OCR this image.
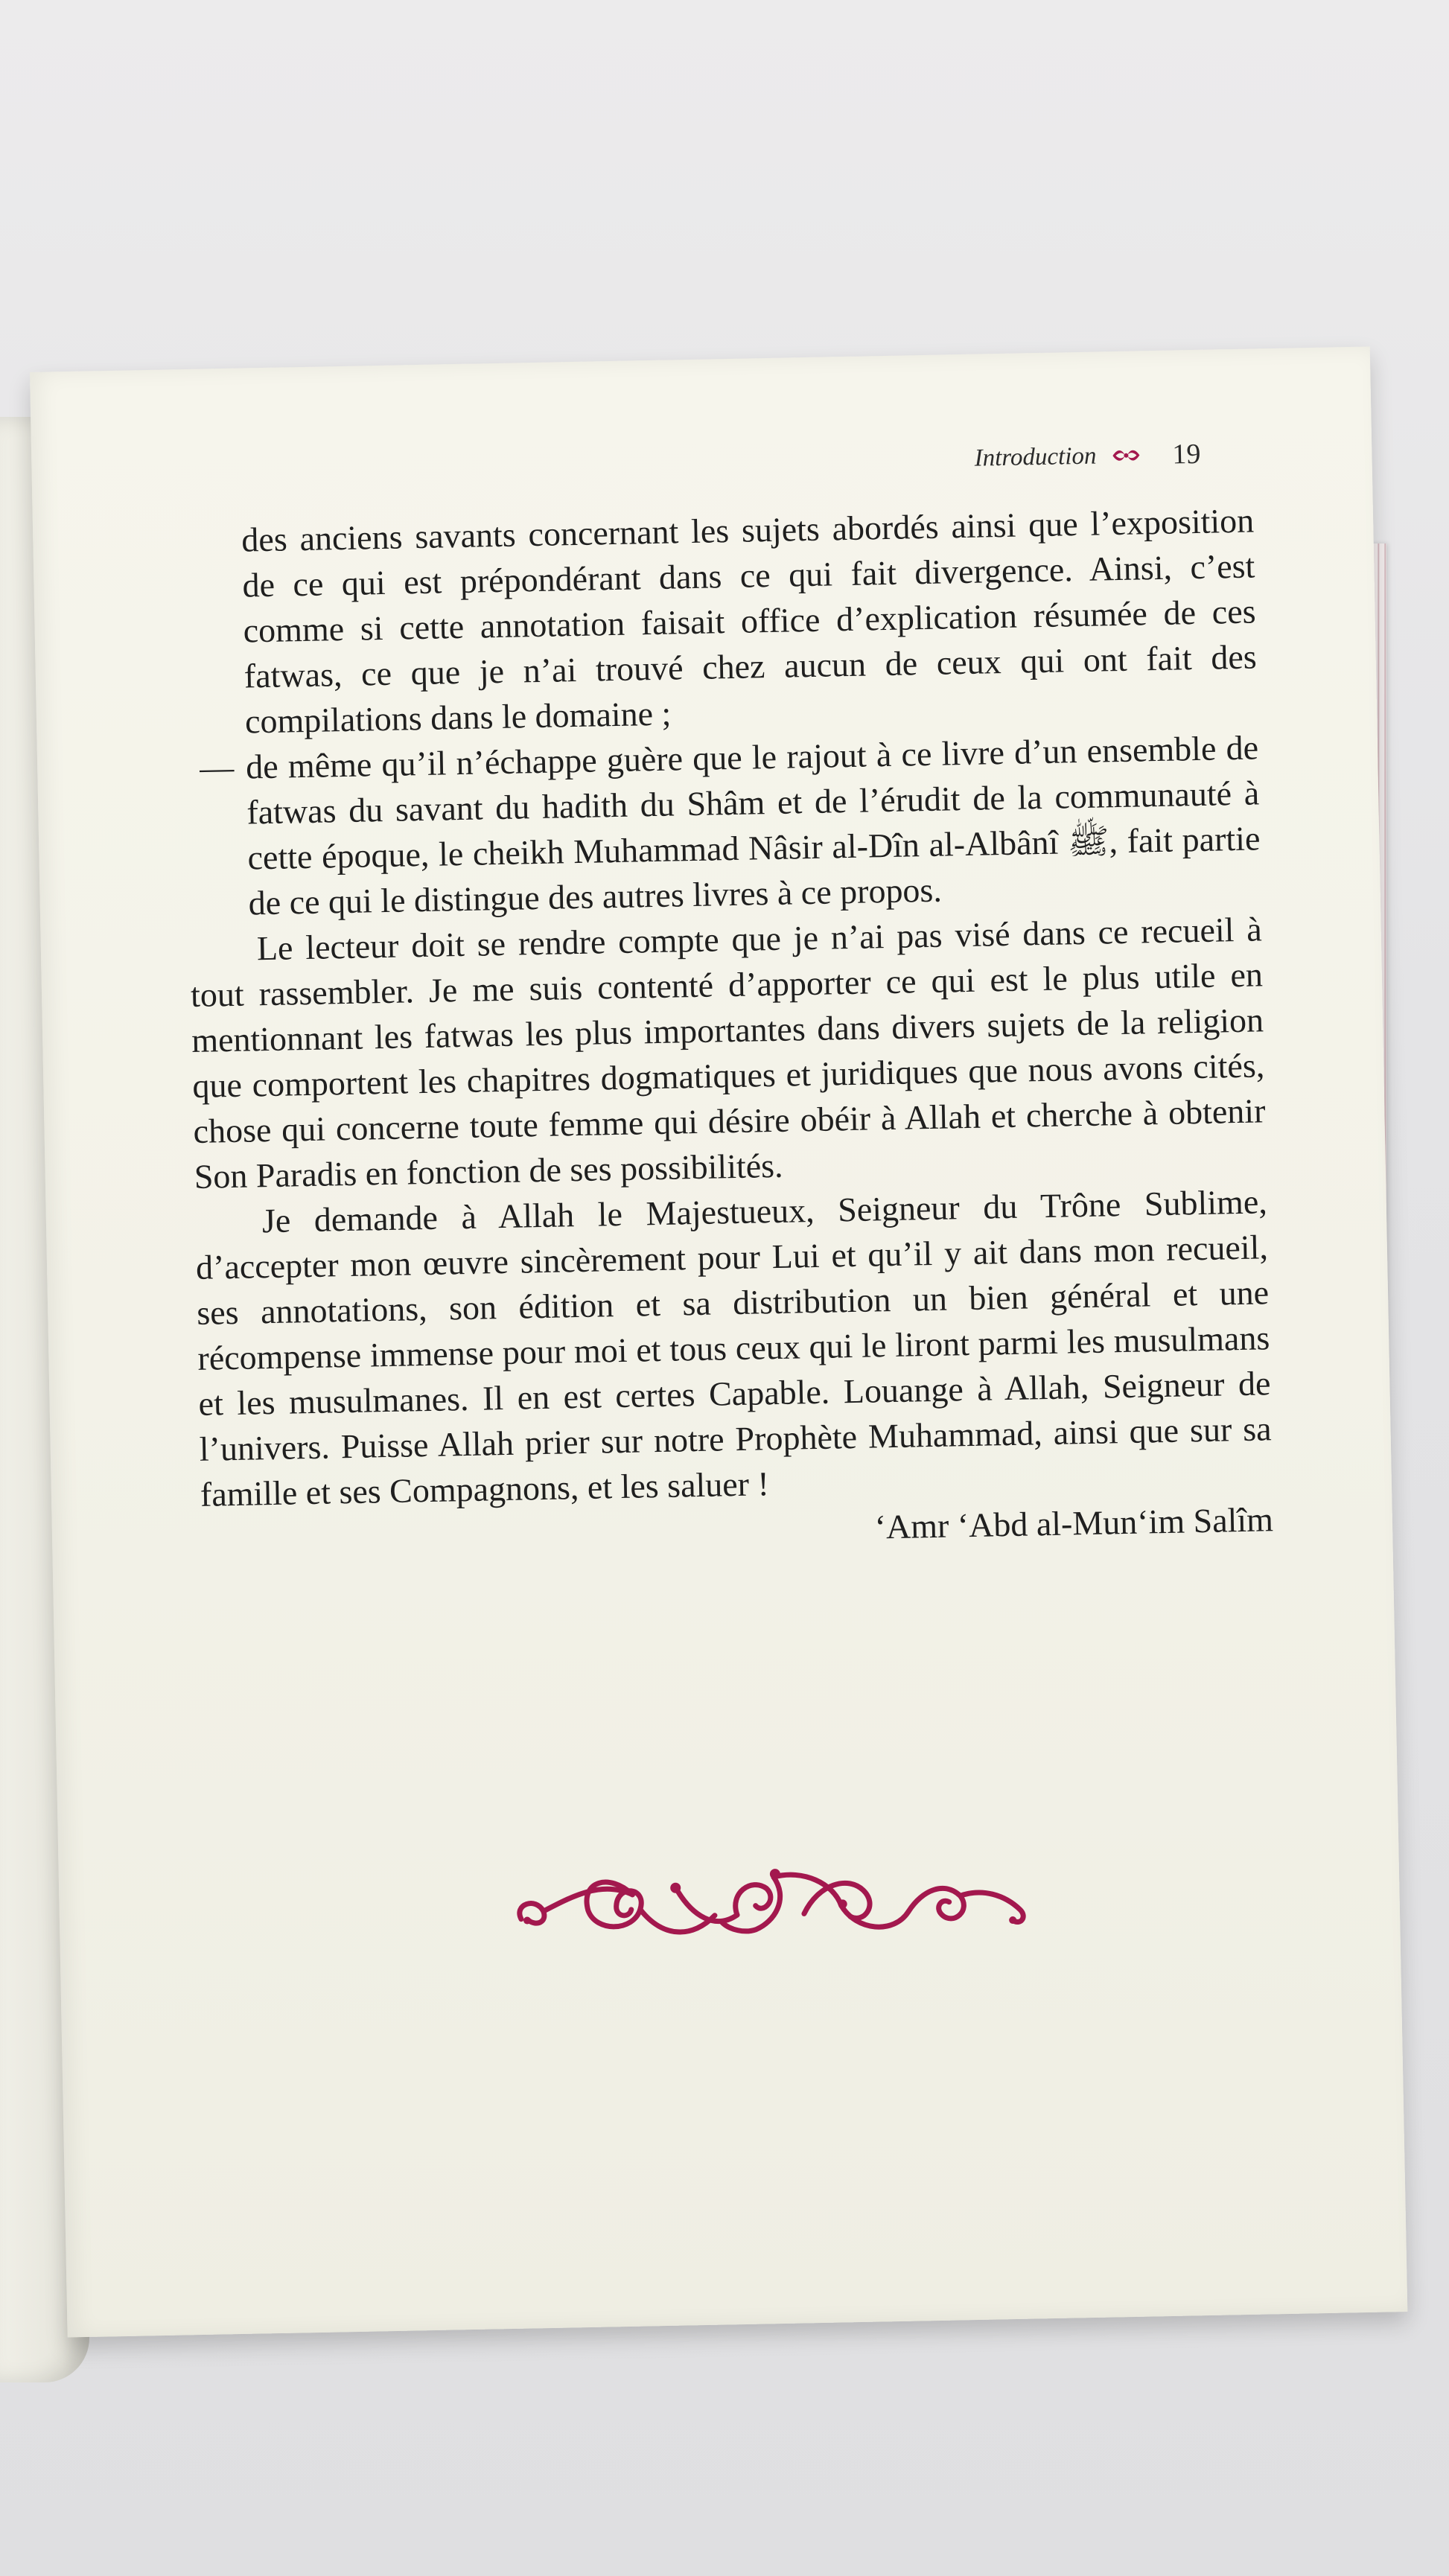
Introduction	19

des anciens savants concernant les sujets abordés ainsi que l’exposition de ce qui est prépondérant dans ce qui fait divergence. Ainsi, c’est comme si cette annotation faisait office d’explication résumée de ces fatwas, ce que je n’ai trouvé chez aucun de ceux qui ont fait des compilations dans le domaine ;

— de même qu’il n’échappe guère que le rajout à ce livre d’un ensemble de fatwas du savant du hadith du Shâm et de l’érudit de la communauté à cette époque, le cheikh Muhammad Nâsir al-Dîn al-Albânî ﷺ, fait partie de ce qui le distingue des autres livres à ce propos.

Le lecteur doit se rendre compte que je n’ai pas visé dans ce recueil à tout rassembler. Je me suis contenté d’apporter ce qui est le plus utile en mentionnant les fatwas les plus importantes dans divers sujets de la religion que comportent les chapitres dogmatiques et juridiques que nous avons cités, chose qui concerne toute femme qui désire obéir à Allah et cherche à obtenir Son Paradis en fonction de ses possibilités.

Je demande à Allah le Majestueux, Seigneur du Trône Sublime, d’accepter mon œuvre sincèrement pour Lui et qu’il y ait dans mon recueil, ses annotations, son édition et sa distribution un bien général et une récompense immense pour moi et tous ceux qui le liront parmi les musulmans et les musulmanes. Il en est certes Capable. Louange à Allah, Seigneur de l’univers. Puisse Allah prier sur notre Prophète Muhammad, ainsi que sur sa famille et ses Compagnons, et les saluer !

‘Amr ‘Abd al-Mun‘im Salîm
